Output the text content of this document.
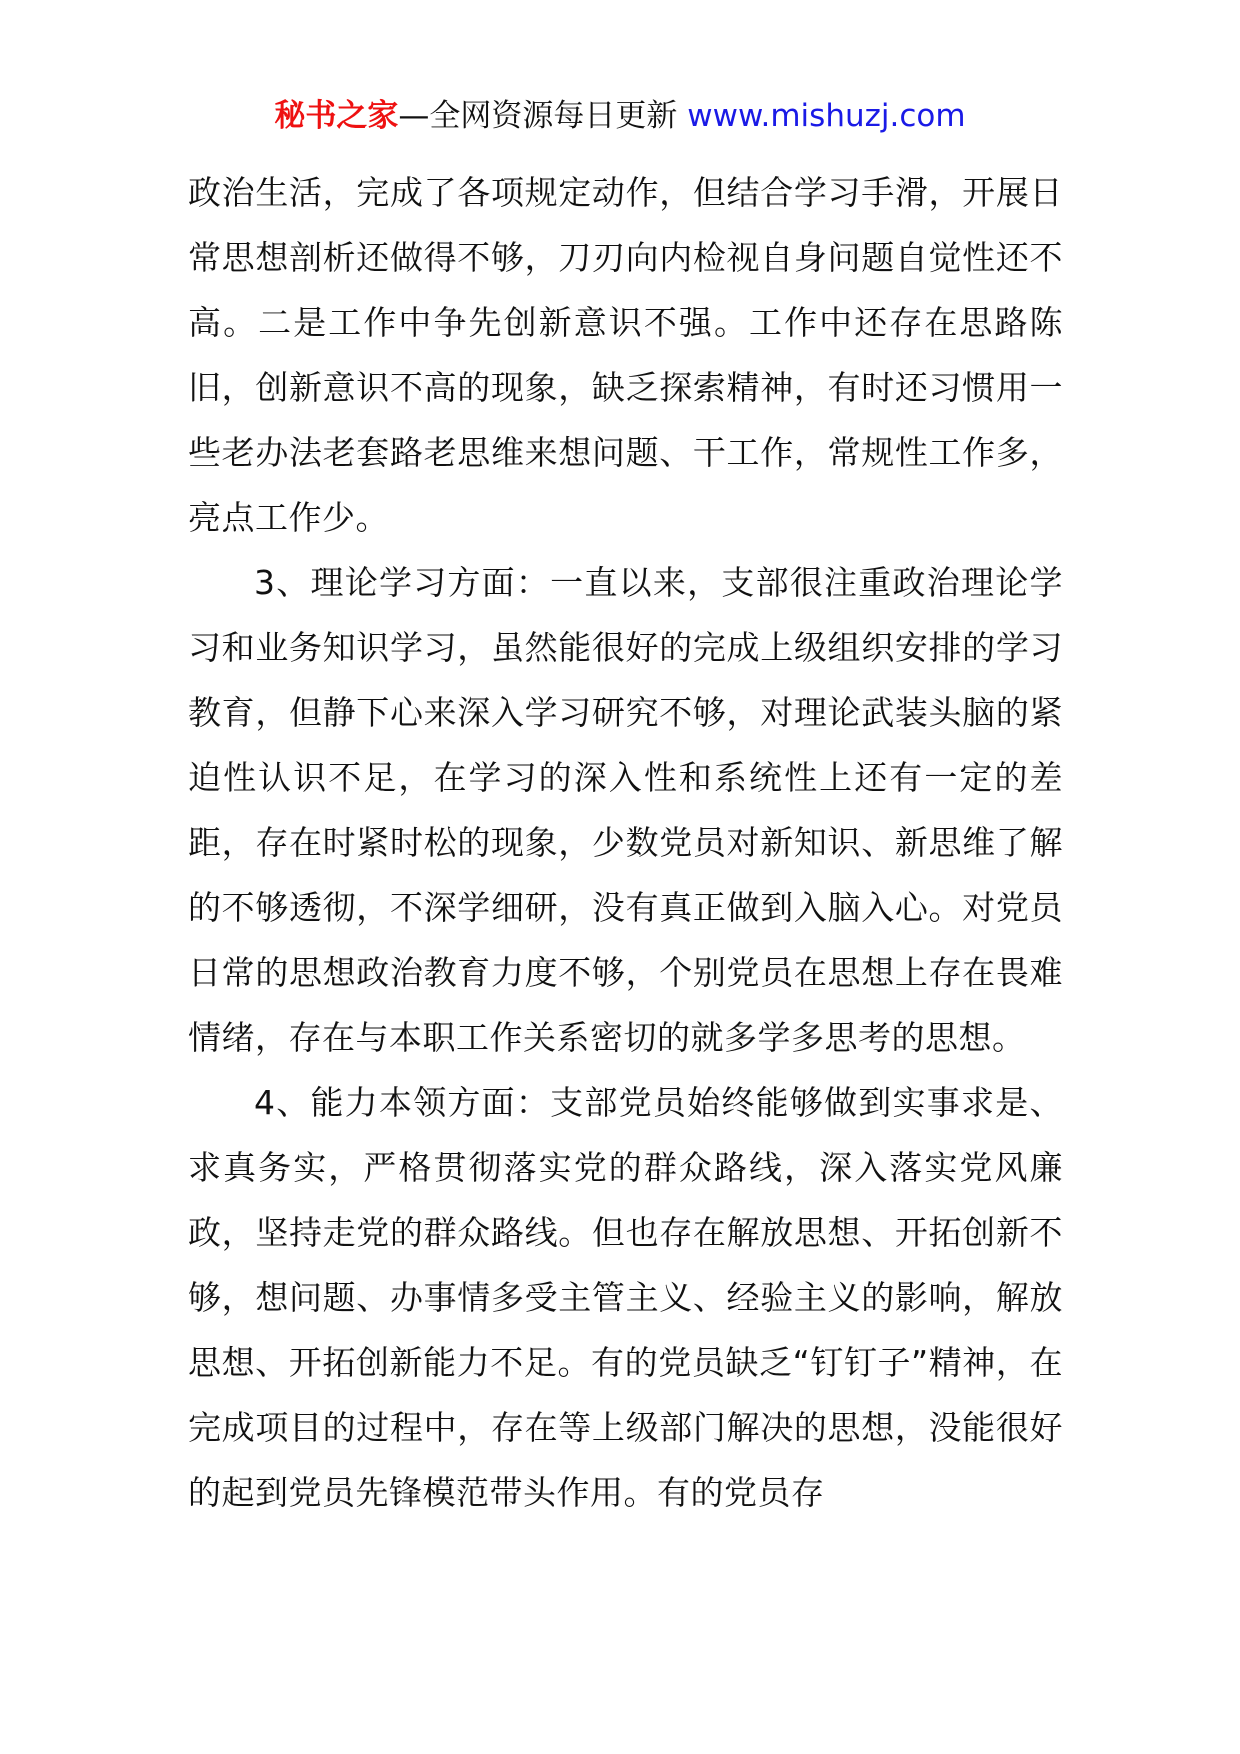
秘书之家—全网资源每日更新 www.mishuzj.com

政治生活，完成了各项规定动作，但结合学习手滑，开展日常思想剖析还做得不够，刀刃向内检视自身问题自觉性还不高。二是工作中争先创新意识不强。工作中还存在思路陈旧，创新意识不高的现象，缺乏探索精神，有时还习惯用一些老办法老套路老思维来想问题、干工作，常规性工作多，亮点工作少。

3、理论学习方面：一直以来，支部很注重政治理论学习和业务知识学习，虽然能很好的完成上级组织安排的学习教育，但静下心来深入学习研究不够，对理论武装头脑的紧迫性认识不足，在学习的深入性和系统性上还有一定的差距，存在时紧时松的现象，少数党员对新知识、新思维了解的不够透彻，不深学细研，没有真正做到入脑入心。对党员日常的思想政治教育力度不够，个别党员在思想上存在畏难情绪，存在与本职工作关系密切的就多学多思考的思想。

4、能力本领方面：支部党员始终能够做到实事求是、求真务实，严格贯彻落实党的群众路线，深入落实党风廉政，坚持走党的群众路线。但也存在解放思想、开拓创新不够，想问题、办事情多受主管主义、经验主义的影响，解放思想、开拓创新能力不足。有的党员缺乏“钉钉子”精神，在完成项目的过程中，存在等上级部门解决的思想，没能很好的起到党员先锋模范带头作用。有的党员存
